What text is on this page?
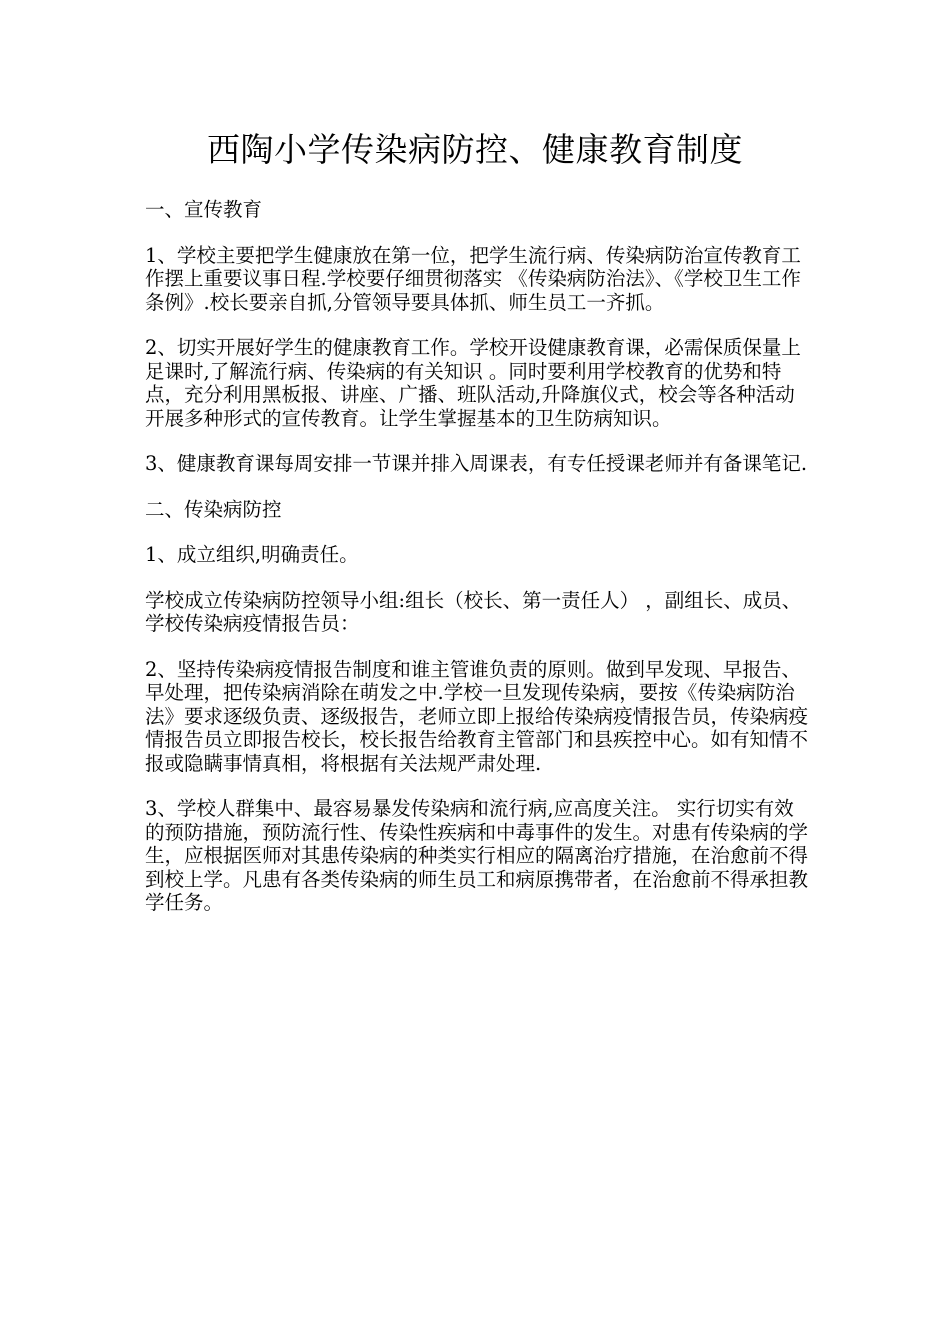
西陶小学传染病防控、健康教育制度

一、宣传教育

1、学校主要把学生健康放在第一位，把学生流行病、传染病防治宣传教育工作摆上重要议事日程.学校要仔细贯彻落实 《传染病防治法》、《学校卫生工作条例》.校长要亲自抓,分管领导要具体抓、师生员工一齐抓。

2、切实开展好学生的健康教育工作。学校开设健康教育课，必需保质保量上足课时,了解流行病、传染病的有关知识 。同时要利用学校教育的优势和特点，充分利用黑板报、讲座、广播、班队活动,升降旗仪式，校会等各种活动开展多种形式的宣传教育。让学生掌握基本的卫生防病知识。

3、健康教育课每周安排一节课并排入周课表，有专任授课老师并有备课笔记.

二、传染病防控

1、成立组织,明确责任。

学校成立传染病防控领导小组:组长（校长、第一责任人） ，副组长、成员、学校传染病疫情报告员：

2、坚持传染病疫情报告制度和谁主管谁负责的原则。做到早发现、早报告、早处理，把传染病消除在萌发之中.学校一旦发现传染病，要按《传染病防治法》要求逐级负责、逐级报告，老师立即上报给传染病疫情报告员，传染病疫情报告员立即报告校长，校长报告给教育主管部门和县疾控中心。如有知情不报或隐瞒事情真相，将根据有关法规严肃处理.

3、学校人群集中、最容易暴发传染病和流行病,应高度关注。 实行切实有效的预防措施，预防流行性、传染性疾病和中毒事件的发生。对患有传染病的学生，应根据医师对其患传染病的种类实行相应的隔离治疗措施，在治愈前不得到校上学。凡患有各类传染病的师生员工和病原携带者，在治愈前不得承担教学任务。
